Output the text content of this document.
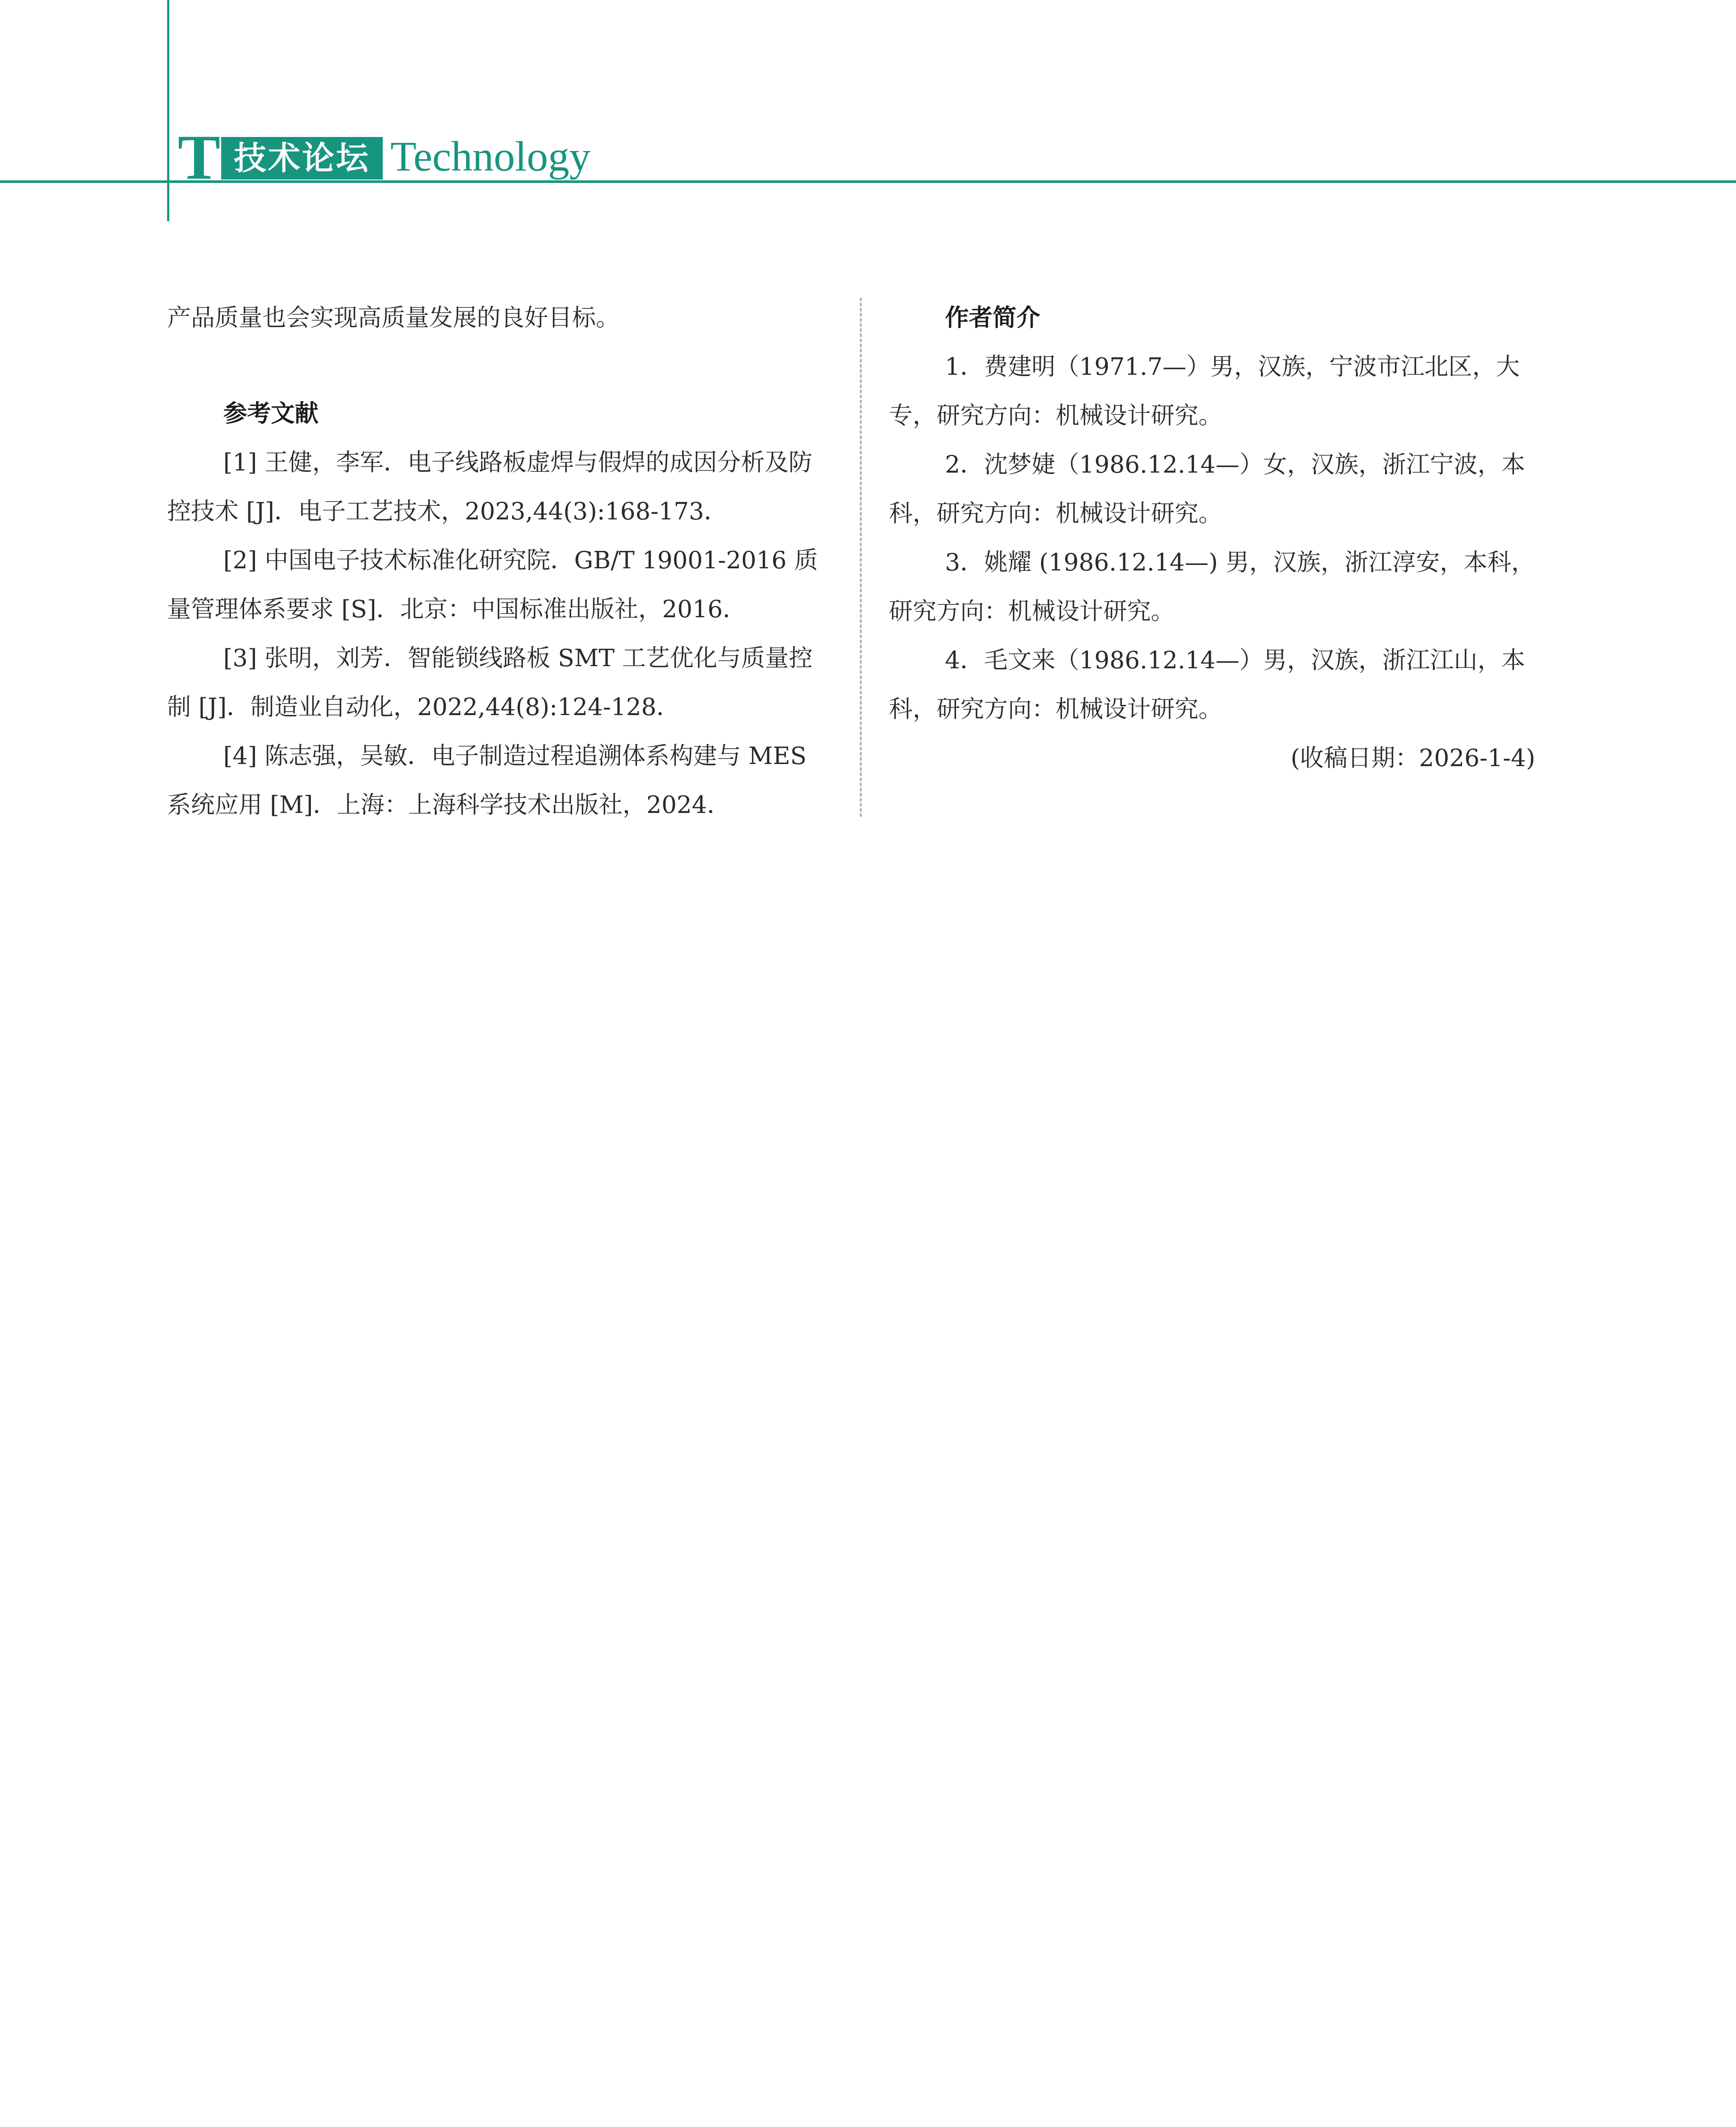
T 技术论坛 Technology

产品质量也会实现高质量发展的良好目标。

参考文献

[1] 王健，李军．电子线路板虚焊与假焊的成因分析及防控技术 [J]．电子工艺技术，2023,44(3):168-173．

[2] 中国电子技术标准化研究院．GB/T 19001-2016 质量管理体系要求 [S]．北京：中国标准出版社，2016．

[3] 张明，刘芳．智能锁线路板 SMT 工艺优化与质量控制 [J]．制造业自动化，2022,44(8):124-128．

[4] 陈志强，吴敏．电子制造过程追溯体系构建与 MES 系统应用 [M]．上海：上海科学技术出版社，2024．

作者简介

1．费建明（1971.7—）男，汉族，宁波市江北区，大专，研究方向：机械设计研究。

2．沈梦婕（1986.12.14—）女，汉族，浙江宁波，本科，研究方向：机械设计研究。

3．姚耀 (1986.12.14—) 男，汉族，浙江淳安，本科，研究方向：机械设计研究。

4．毛文来（1986.12.14—）男，汉族，浙江江山，本科，研究方向：机械设计研究。

(收稿日期：2026-1-4)
